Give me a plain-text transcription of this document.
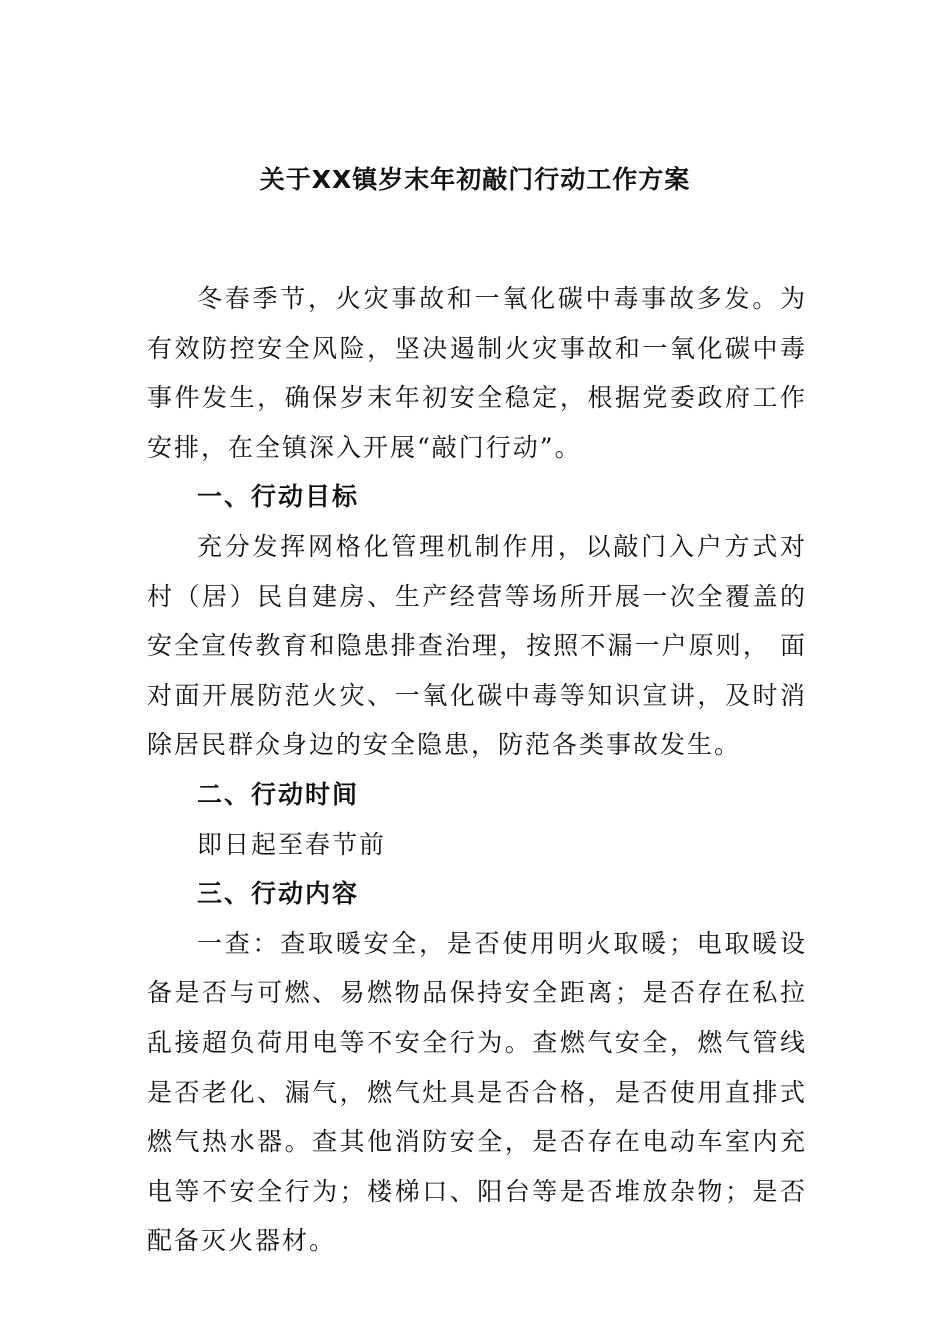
关于XX镇岁末年初敲门行动工作方案

冬春季节，火灾事故和一氧化碳中毒事故多发。为有效防控安全风险，坚决遏制火灾事故和一氧化碳中毒事件发生，确保岁末年初安全稳定，根据党委政府工作安排，在全镇深入开展“敲门行动”。

一、行动目标

充分发挥网格化管理机制作用，以敲门入户方式对村（居）民自建房、生产经营等场所开展一次全覆盖的安全宣传教育和隐患排查治理，按照不漏一户原则， 面对面开展防范火灾、一氧化碳中毒等知识宣讲，及时消除居民群众身边的安全隐患，防范各类事故发生。

二、行动时间

即日起至春节前

三、行动内容

一查：查取暖安全，是否使用明火取暖；电取暖设备是否与可燃、易燃物品保持安全距离；是否存在私拉乱接超负荷用电等不安全行为。查燃气安全，燃气管线是否老化、漏气，燃气灶具是否合格，是否使用直排式燃气热水器。查其他消防安全，是否存在电动车室内充电等不安全行为；楼梯口、阳台等是否堆放杂物；是否配备灭火器材。
